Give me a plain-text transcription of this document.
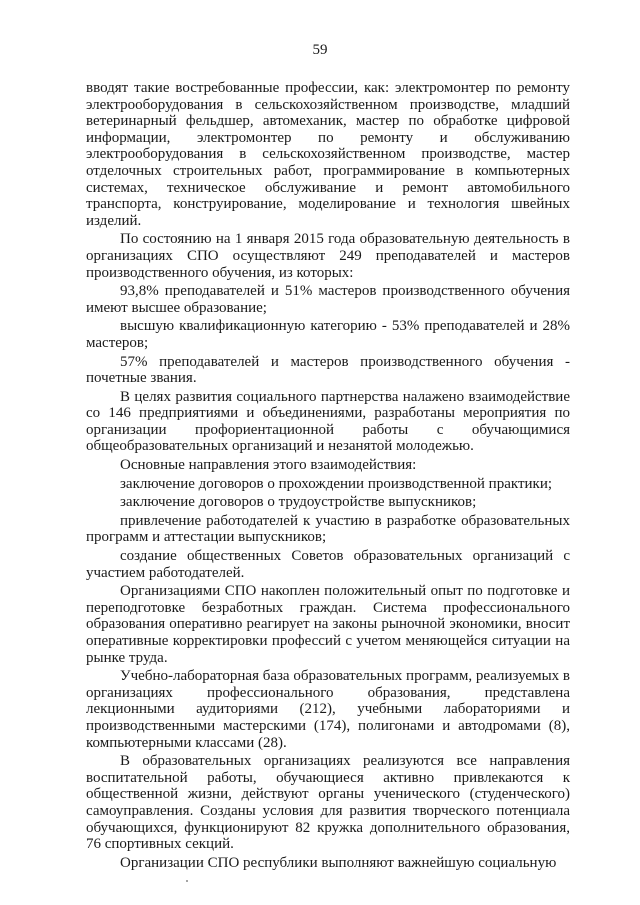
59

вводят такие востребованные профессии, как: электромонтер по ремонту электрооборудования в сельскохозяйственном производстве, младший ветеринарный фельдшер, автомеханик, мастер по обработке цифровой информации, электромонтер по ремонту и обслуживанию электрооборудования в сельскохозяйственном производстве, мастер отделочных строительных работ, программирование в компьютерных системах, техническое обслуживание и ремонт автомобильного транспорта, конструирование, моделирование и технология швейных изделий.

По состоянию на 1 января 2015 года образовательную деятельность в организациях СПО осуществляют 249 преподавателей и мастеров производственного обучения, из которых:

93,8% преподавателей и 51% мастеров производственного обучения имеют высшее образование;

высшую квалификационную категорию - 53% преподавателей и 28% мастеров;

57% преподавателей и мастеров производственного обучения - почетные звания.

В целях развития социального партнерства налажено взаимодействие со 146 предприятиями и объединениями, разработаны мероприятия по организации профориентационной работы с обучающимися общеобразовательных организаций и незанятой молодежью.

Основные направления этого взаимодействия:

заключение договоров о прохождении производственной практики;

заключение договоров о трудоустройстве выпускников;

привлечение работодателей к участию в разработке образовательных программ и аттестации выпускников;

создание общественных Советов образовательных организаций с участием работодателей.

Организациями СПО накоплен положительный опыт по подготовке и переподготовке безработных граждан. Система профессионального образования оперативно реагирует на законы рыночной экономики, вносит оперативные корректировки профессий с учетом меняющейся ситуации на рынке труда.

Учебно-лабораторная база образовательных программ, реализуемых в организациях профессионального образования, представлена лекционными аудиториями (212), учебными лабораториями и производственными мастерскими (174), полигонами и автодромами (8), компьютерными классами (28).

В образовательных организациях реализуются все направления воспитательной работы, обучающиеся активно привлекаются к общественной жизни, действуют органы ученического (студенческого) самоуправления. Созданы условия для развития творческого потенциала обучающихся, функционируют 82 кружка дополнительного образования, 76 спортивных секций.

Организации СПО республики выполняют важнейшую социальную
